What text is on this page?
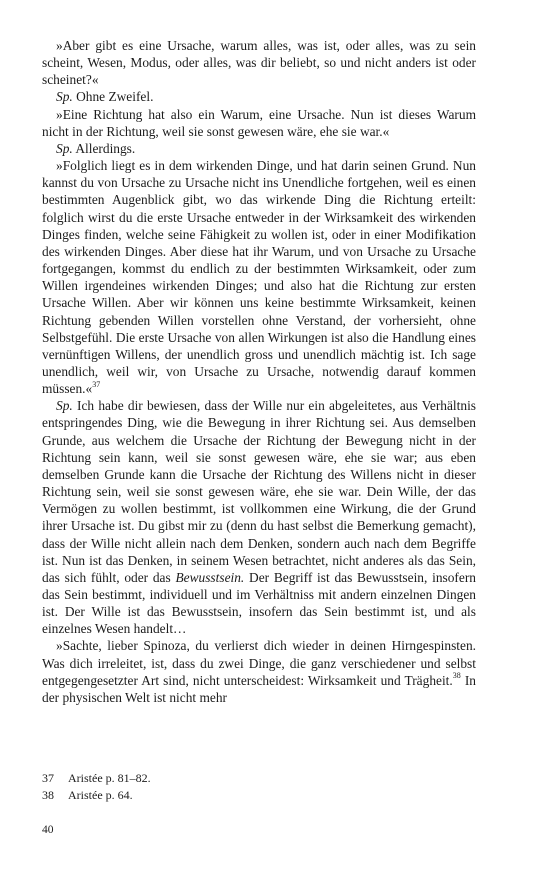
»Aber gibt es eine Ursache, warum alles, was ist, oder alles, was zu sein scheint, Wesen, Modus, oder alles, was dir beliebt, so und nicht anders ist oder scheinet?«

Sp. Ohne Zweifel.

»Eine Richtung hat also ein Warum, eine Ursache. Nun ist dieses Warum nicht in der Richtung, weil sie sonst gewesen wäre, ehe sie war.«

Sp. Allerdings.

»Folglich liegt es in dem wirkenden Dinge, und hat darin seinen Grund. Nun kannst du von Ursache zu Ursache nicht ins Unendliche fortgehen, weil es einen bestimmten Augenblick gibt, wo das wirkende Ding die Richtung erteilt: folglich wirst du die erste Ursache entweder in der Wirksamkeit des wirkenden Dinges finden, welche seine Fähigkeit zu wollen ist, oder in einer Modifikation des wirkenden Dinges. Aber diese hat ihr Warum, und von Ursache zu Ursache fortgegangen, kommst du endlich zu der bestimmten Wirksamkeit, oder zum Willen irgendeines wirkenden Dinges; und also hat die Richtung zur ersten Ursache Willen. Aber wir können uns keine bestimmte Wirksamkeit, keinen Richtung gebenden Willen vorstellen ohne Verstand, der vorhersieht, ohne Selbstgefühl. Die erste Ursache von allen Wirkungen ist also die Handlung eines vernünftigen Willens, der unendlich gross und unendlich mächtig ist. Ich sage unendlich, weil wir, von Ursache zu Ursache, notwendig darauf kommen müssen.«$^{37}$

Sp. Ich habe dir bewiesen, dass der Wille nur ein abgeleitetes, aus Verhältnis entspringendes Ding, wie die Bewegung in ihrer Richtung sei. Aus demselben Grunde, aus welchem die Ursache der Richtung der Bewegung nicht in der Richtung sein kann, weil sie sonst gewesen wäre, ehe sie war; aus eben demselben Grunde kann die Ursache der Richtung des Willens nicht in dieser Richtung sein, weil sie sonst gewesen wäre, ehe sie war. Dein Wille, der das Vermögen zu wollen bestimmt, ist vollkommen eine Wirkung, die der Grund ihrer Ursache ist. Du gibst mir zu (denn du hast selbst die Bemerkung gemacht), dass der Wille nicht allein nach dem Denken, sondern auch nach dem Begriffe ist. Nun ist das Denken, in seinem Wesen betrachtet, nicht anderes als das Sein, das sich fühlt, oder das Bewusstsein. Der Begriff ist das Bewusstsein, insofern das Sein bestimmt, individuell und im Verhältniss mit andern einzelnen Dingen ist. Der Wille ist das Bewusstsein, insofern das Sein bestimmt ist, und als einzelnes Wesen handelt…

»Sachte, lieber Spinoza, du verlierst dich wieder in deinen Hirngespinsten. Was dich irreleitet, ist, dass du zwei Dinge, die ganz verschiedener und selbst entgegengesetzter Art sind, nicht unterscheidest: Wirksamkeit und Trägheit.$^{38}$ In der physischen Welt ist nicht mehr

37 Aristée p. 81–82.
38 Aristée p. 64.
40
